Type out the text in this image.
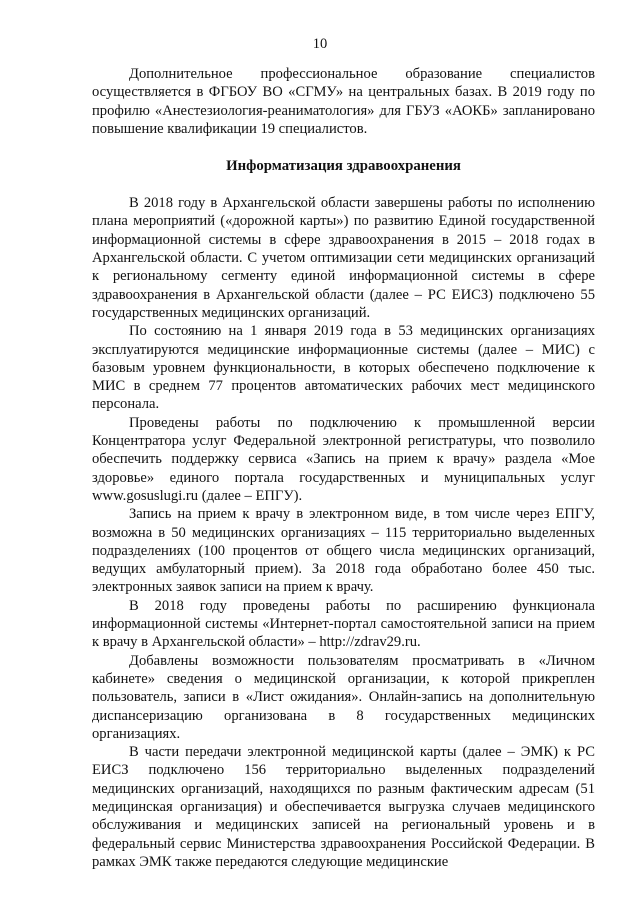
10

Дополнительное профессиональное образование специалистов осуществляется в ФГБОУ ВО «СГМУ» на центральных базах. В 2019 году по профилю «Анестезиология-реаниматология» для ГБУЗ «АОКБ» запланировано повышение квалификации 19 специалистов.

Информатизация здравоохранения

В 2018 году в Архангельской области завершены работы по исполнению плана мероприятий («дорожной карты») по развитию Единой государственной информационной системы в сфере здравоохранения в 2015 – 2018 годах в Архангельской области. С учетом оптимизации сети медицинских организаций к региональному сегменту единой информационной системы в сфере здравоохранения в Архангельской области (далее – РС ЕИСЗ) подключено 55 государственных медицинских организаций.

По состоянию на 1 января 2019 года в 53 медицинских организациях эксплуатируются медицинские информационные системы (далее – МИС) с базовым уровнем функциональности, в которых обеспечено подключение к МИС в среднем 77 процентов автоматических рабочих мест медицинского персонала.

Проведены работы по подключению к промышленной версии Концентратора услуг Федеральной электронной регистратуры, что позволило обеспечить поддержку сервиса «Запись на прием к врачу» раздела «Мое здоровье» единого портала государственных и муниципальных услуг www.gosuslugi.ru (далее – ЕПГУ).

Запись на прием к врачу в электронном виде, в том числе через ЕПГУ, возможна в 50 медицинских организациях – 115 территориально выделенных подразделениях (100 процентов от общего числа медицинских организаций, ведущих амбулаторный прием). За 2018 года обработано более 450 тыс. электронных заявок записи на прием к врачу.

В 2018 году проведены работы по расширению функционала информационной системы «Интернет-портал самостоятельной записи на прием к врачу в Архангельской области» – http://zdrav29.ru.

Добавлены возможности пользователям просматривать в «Личном кабинете» сведения о медицинской организации, к которой прикреплен пользователь, записи в «Лист ожидания». Онлайн-запись на дополнительную диспансеризацию организована в 8 государственных медицинских организациях.

В части передачи электронной медицинской карты (далее – ЭМК) к РС ЕИСЗ подключено 156 территориально выделенных подразделений медицинских организаций, находящихся по разным фактическим адресам (51 медицинская организация) и обеспечивается выгрузка случаев медицинского обслуживания и медицинских записей на региональный уровень и в федеральный сервис Министерства здравоохранения Российской Федерации. В рамках ЭМК также передаются следующие медицинские
